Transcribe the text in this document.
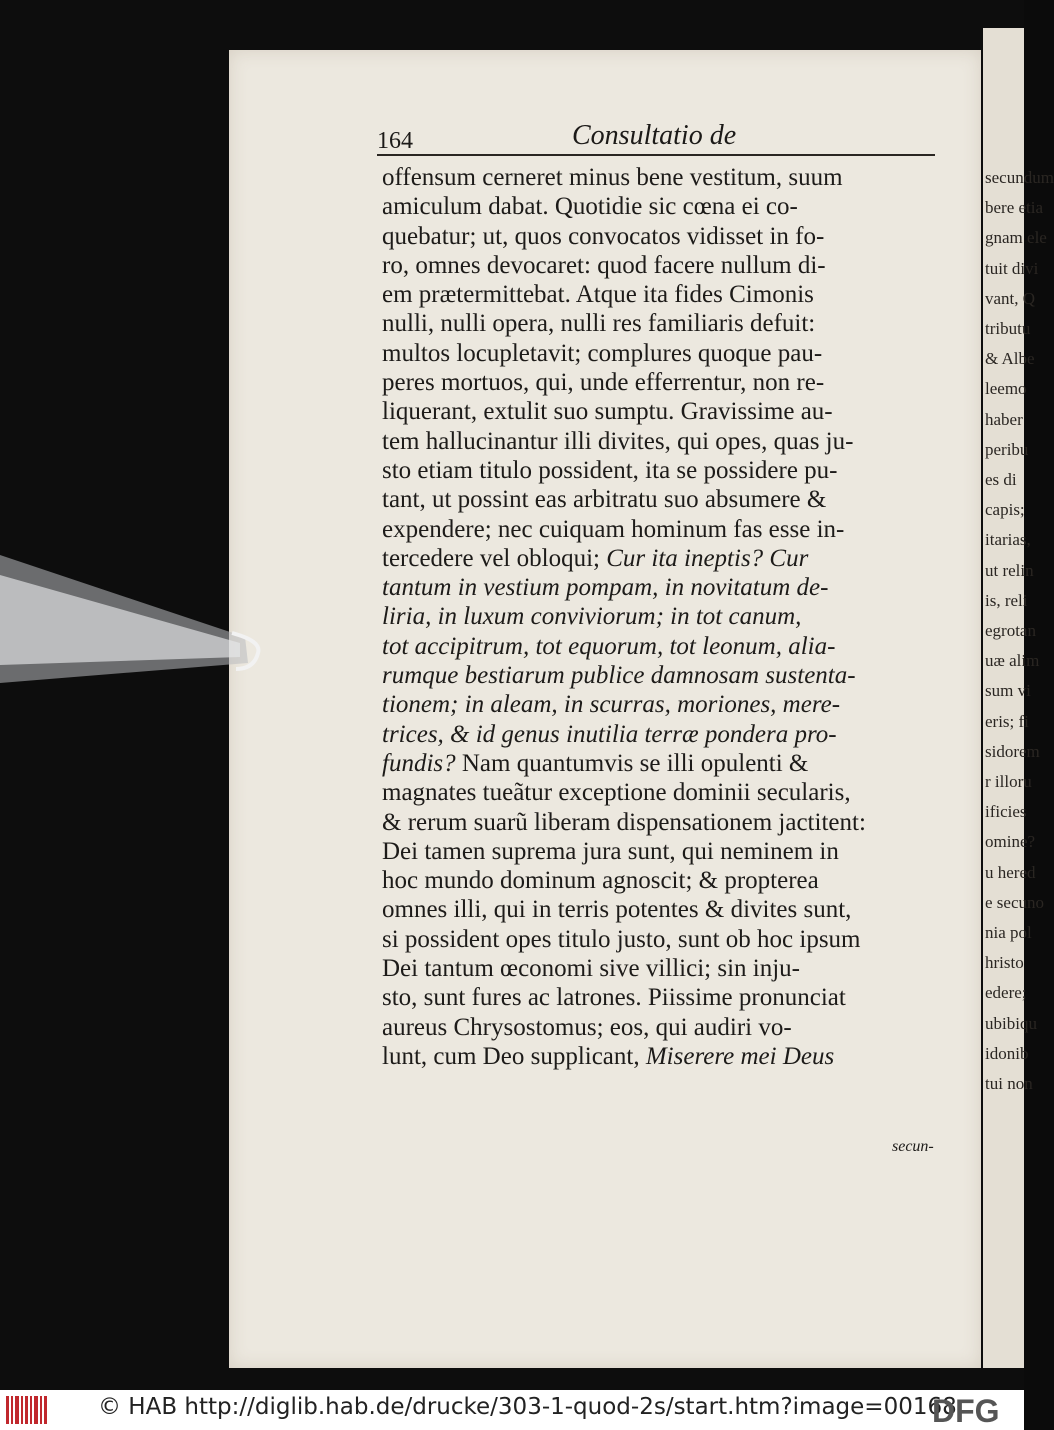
secundum
bere etia
gnam ele
tuit divi
vant, Q
tributu
& Albe
leemo
haber
peribu
es di
capis;
itarias,
ut relin
is, reli
egrotan
uæ alim
sum vi
eris; fi
sidorem
r illoru
ificies
omine?
u hered
e secuno
nia pol
hristo
edere;
ubibiqu
idonib
tui non
164	Consultatio de
offensum cerneret minus bene vestitum, suum
amiculum dabat. Quotidie sic cœna ei co-
quebatur; ut, quos convocatos vidisset in fo-
ro, omnes devocaret: quod facere nullum di-
em prætermittebat. Atque ita fides Cimonis
nulli, nulli opera, nulli res familiaris defuit:
multos locupletavit; complures quoque pau-
peres mortuos, qui, unde efferrentur, non re-
liquerant, extulit suo sumptu. Gravissime au-
tem hallucinantur illi divites, qui opes, quas ju-
sto etiam titulo possident, ita se possidere pu-
tant, ut possint eas arbitratu suo absumere &
expendere; nec cuiquam hominum fas esse in-
tercedere vel obloqui; Cur ita ineptis? Cur
tantum in vestium pompam, in novitatum de-
liria, in luxum conviviorum; in tot canum,
tot accipitrum, tot equorum, tot leonum, alia-
rumque bestiarum publice damnosam sustenta-
tionem; in aleam, in scurras, moriones, mere-
trices, & id genus inutilia terræ pondera pro-
fundis? Nam quantumvis se illi opulenti &
magnates tueãtur exceptione dominii secularis,
& rerum suarũ liberam dispensationem jactitent:
Dei tamen suprema jura sunt, qui neminem in
hoc mundo dominum agnoscit; & propterea
omnes illi, qui in terris potentes & divites sunt,
si possident opes titulo justo, sunt ob hoc ipsum
Dei tantum œconomi sive villici; sin inju-
sto, sunt fures ac latrones. Piissime pronunciat
aureus Chrysostomus; eos, qui audiri vo-
lunt, cum Deo supplicant, Miserere mei Deus
secun-
© HAB http://diglib.hab.de/drucke/303-1-quod-2s/start.htm?image=00168
DFG
